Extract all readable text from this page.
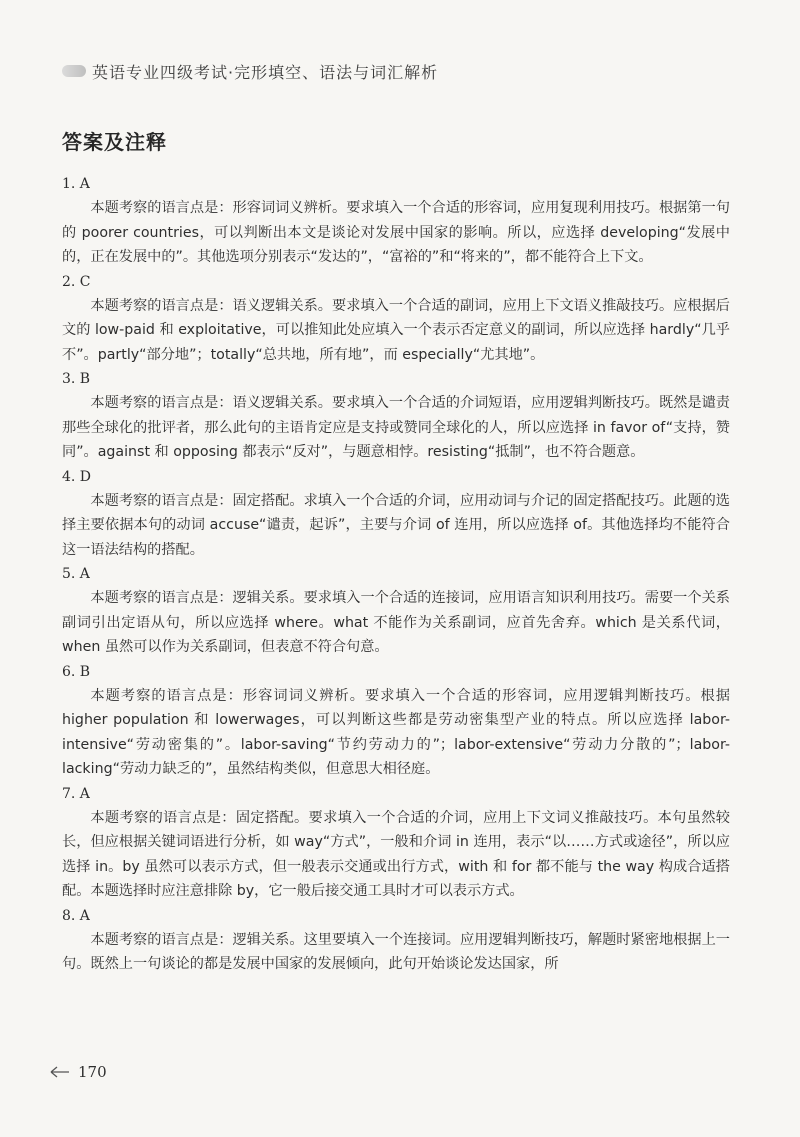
英语专业四级考试·完形填空、语法与词汇解析
答案及注释
1. A

本题考察的语言点是：形容词词义辨析。要求填入一个合适的形容词，应用复现利用技巧。根据第一句的 poorer countries，可以判断出本文是谈论对发展中国家的影响。所以，应选择 developing“发展中的，正在发展中的”。其他选项分别表示“发达的”，“富裕的”和“将来的”，都不能符合上下文。

2. C

本题考察的语言点是：语义逻辑关系。要求填入一个合适的副词，应用上下文语义推敲技巧。应根据后文的 low-paid 和 exploitative，可以推知此处应填入一个表示否定意义的副词，所以应选择 hardly“几乎不”。partly“部分地”；totally“总共地，所有地”，而 especially“尤其地”。

3. B

本题考察的语言点是：语义逻辑关系。要求填入一个合适的介词短语，应用逻辑判断技巧。既然是谴责那些全球化的批评者，那么此句的主语肯定应是支持或赞同全球化的人，所以应选择 in favor of“支持，赞同”。against 和 opposing 都表示“反对”，与题意相悖。resisting“抵制”，也不符合题意。

4. D

本题考察的语言点是：固定搭配。求填入一个合适的介词，应用动词与介记的固定搭配技巧。此题的选择主要依据本句的动词 accuse“谴责，起诉”，主要与介词 of 连用，所以应选择 of。其他选择均不能符合这一语法结构的搭配。

5. A

本题考察的语言点是：逻辑关系。要求填入一个合适的连接词，应用语言知识利用技巧。需要一个关系副词引出定语从句，所以应选择 where。what 不能作为关系副词，应首先舍弃。which 是关系代词，when 虽然可以作为关系副词，但表意不符合句意。

6. B

本题考察的语言点是：形容词词义辨析。要求填入一个合适的形容词，应用逻辑判断技巧。根据 higher population 和 lowerwages，可以判断这些都是劳动密集型产业的特点。所以应选择 labor-intensive“劳动密集的”。labor-saving“节约劳动力的”；labor-extensive“劳动力分散的”；labor-lacking“劳动力缺乏的”，虽然结构类似，但意思大相径庭。

7. A

本题考察的语言点是：固定搭配。要求填入一个合适的介词，应用上下文词义推敲技巧。本句虽然较长，但应根据关键词语进行分析，如 way“方式”，一般和介词 in 连用，表示“以……方式或途径”，所以应选择 in。by 虽然可以表示方式，但一般表示交通或出行方式，with 和 for 都不能与 the way 构成合适搭配。本题选择时应注意排除 by，它一般后接交通工具时才可以表示方式。

8. A

本题考察的语言点是：逻辑关系。这里要填入一个连接词。应用逻辑判断技巧，解题时紧密地根据上一句。既然上一句谈论的都是发展中国家的发展倾向，此句开始谈论发达国家，所

170
